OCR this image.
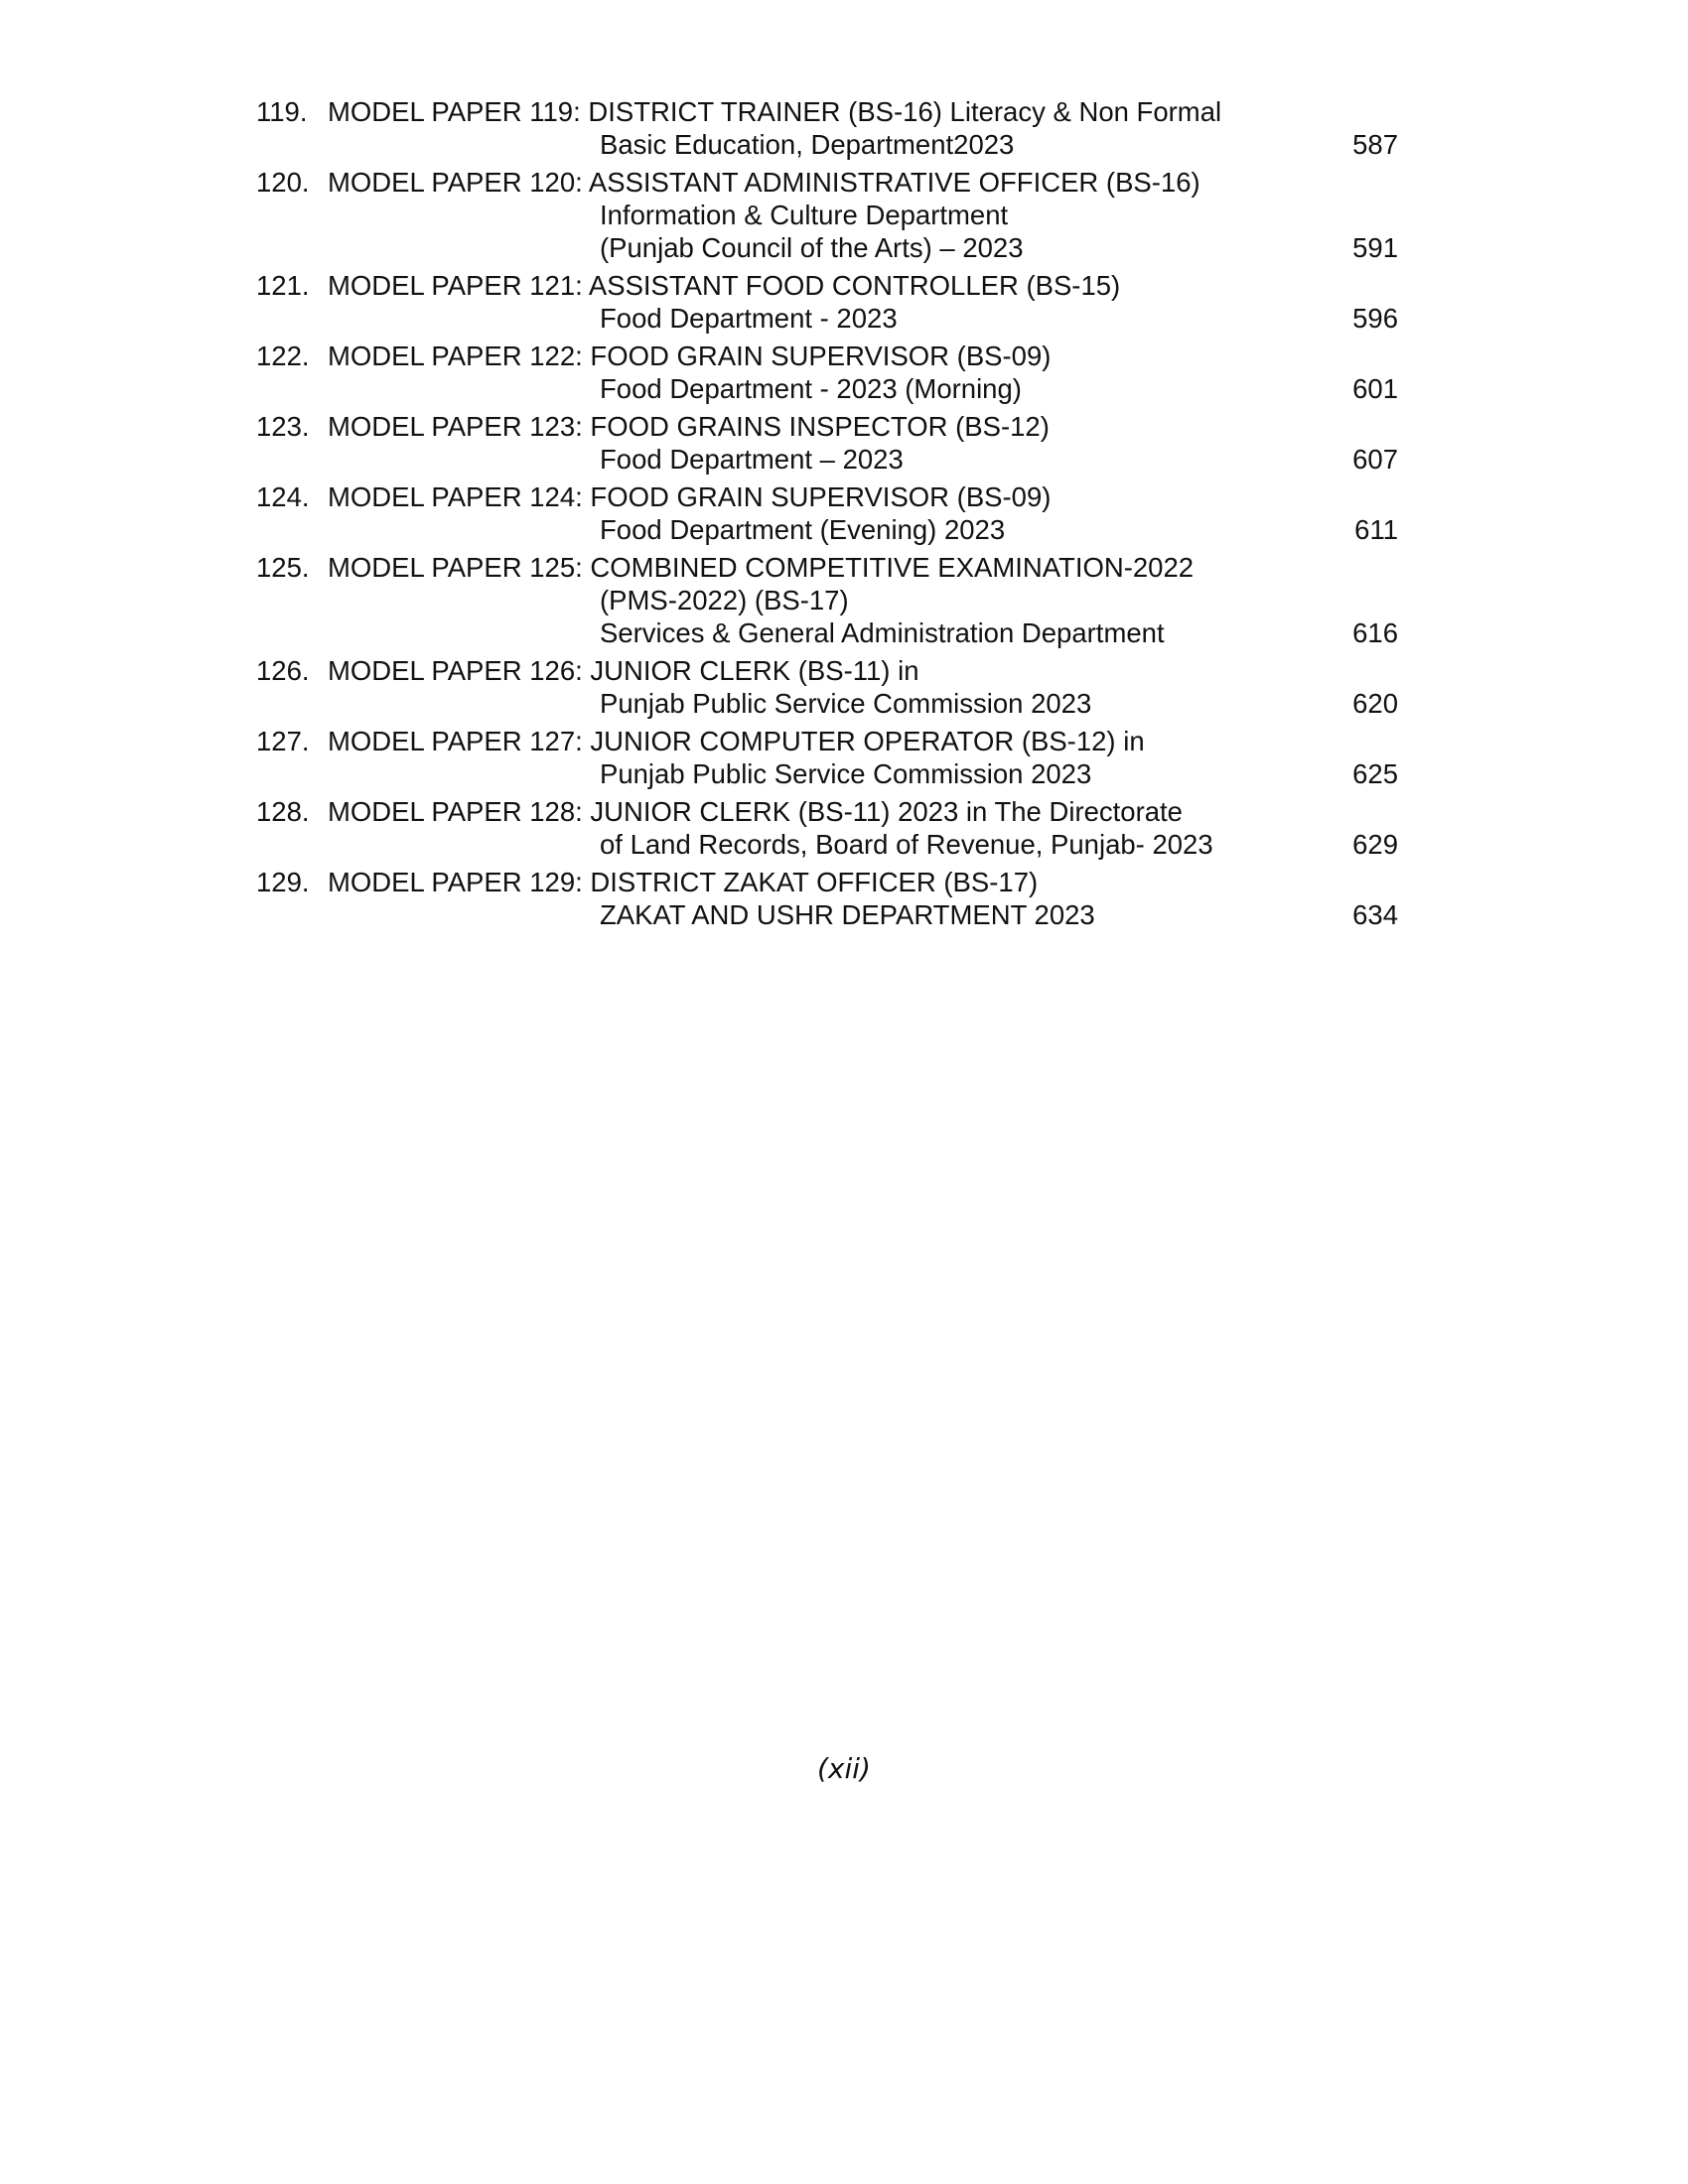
119. MODEL PAPER 119: DISTRICT TRAINER (BS-16) Literacy & Non Formal
Basic Education, Department2023	587
120. MODEL PAPER 120: ASSISTANT ADMINISTRATIVE OFFICER (BS-16)
Information & Culture Department
(Punjab Council of the Arts) – 2023	591
121. MODEL PAPER 121: ASSISTANT FOOD CONTROLLER (BS-15)
Food Department - 2023	596
122. MODEL PAPER 122: FOOD GRAIN SUPERVISOR (BS-09)
Food Department - 2023 (Morning)	601
123. MODEL PAPER 123: FOOD GRAINS INSPECTOR (BS-12)
Food Department – 2023	607
124. MODEL PAPER 124: FOOD GRAIN SUPERVISOR (BS-09)
Food Department (Evening) 2023	611
125. MODEL PAPER 125: COMBINED COMPETITIVE EXAMINATION-2022
(PMS-2022) (BS-17)
Services & General Administration Department	616
126. MODEL PAPER 126: JUNIOR CLERK (BS-11) in
Punjab Public Service Commission 2023	620
127. MODEL PAPER 127: JUNIOR COMPUTER OPERATOR (BS-12) in
Punjab Public Service Commission 2023	625
128. MODEL PAPER 128: JUNIOR CLERK (BS-11) 2023 in The Directorate
of Land Records, Board of Revenue, Punjab- 2023	629
129. MODEL PAPER 129: DISTRICT ZAKAT OFFICER (BS-17)
ZAKAT AND USHR DEPARTMENT 2023	634
(xii)
